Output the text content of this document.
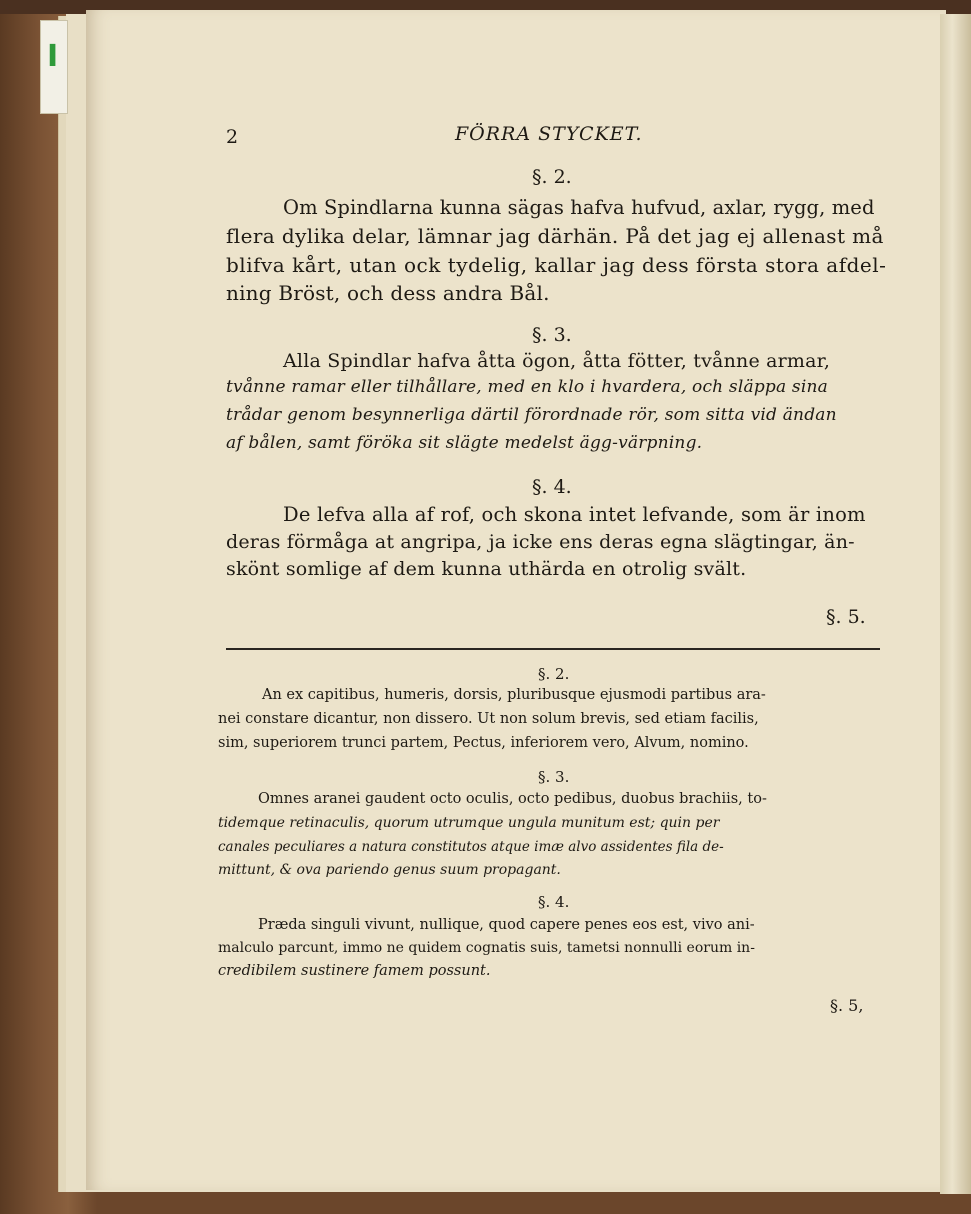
I
2	FÖRRA STYCKET.
§. 2.
Om Spindlarna kunna sägas hafva hufvud, axlar, rygg, med
flera dylika delar, lämnar jag därhän. På det jag ej allenast må
blifva kårt, utan ock tydelig, kallar jag dess första stora afdel-
ning Bröst, och dess andra Bål.
§. 3.
Alla Spindlar hafva åtta ögon, åtta fötter, tvånne armar,
tvånne ramar eller tilhållare, med en klo i hvardera, och släppa sina
trådar genom besynnerliga därtil förordnade rör, som sitta vid ändan
af bålen, samt föröka sit slägte medelst ägg-värpning.
§. 4.
De lefva alla af rof, och skona intet lefvande, som är inom
deras förmåga at angripa, ja icke ens deras egna slägtingar, än-
skönt somlige af dem kunna uthärda en otrolig svält.
§. 5.
§. 2.
An ex capitibus, humeris, dorsis, pluribusque ejusmodi partibus ara-
nei constare dicantur, non dissero. Ut non solum brevis, sed etiam facilis,
sim, superiorem trunci partem, Pectus, inferiorem vero, Alvum, nomino.
§. 3.
Omnes aranei gaudent octo oculis, octo pedibus, duobus brachiis, to-
tidemque retinaculis, quorum utrumque ungula munitum est; quin per
canales peculiares a natura constitutos atque imæ alvo assidentes fila de-
mittunt, & ova pariendo genus suum propagant.
§. 4.
Præda singuli vivunt, nullique, quod capere penes eos est, vivo ani-
malculo parcunt, immo ne quidem cognatis suis, tametsi nonnulli eorum in-
credibilem sustinere famem possunt.
§. 5,
